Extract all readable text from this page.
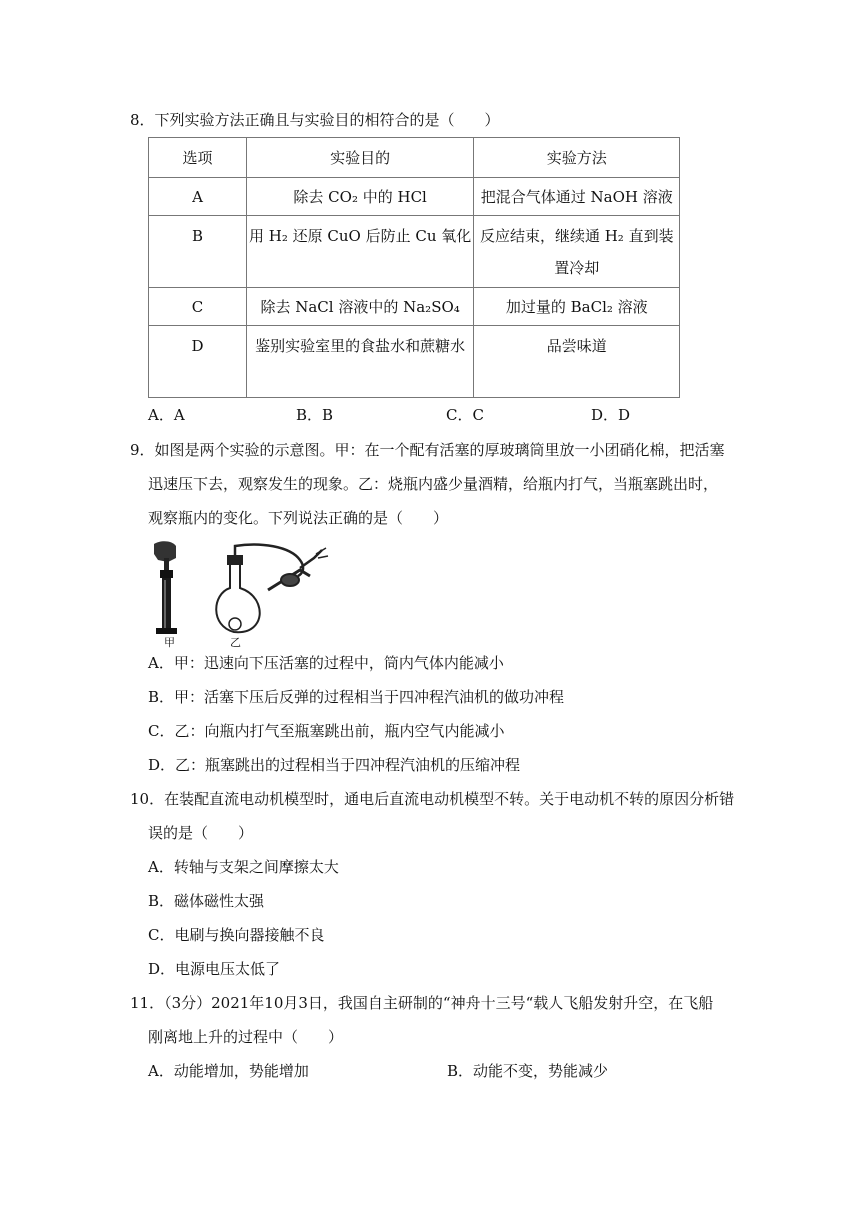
8．下列实验方法正确且与实验目的相符合的是（　　）
选项	实验目的	实验方法
A	除去 CO₂ 中的 HCl	把混合气体通过 NaOH 溶液
B	用 H₂ 还原 CuO 后防止 Cu 氧化	反应结束，继续通 H₂ 直到装置冷却
C	除去 NaCl 溶液中的 Na₂SO₄	加过量的 BaCl₂ 溶液
D	鉴别实验室里的食盐水和蔗糖水	品尝味道
A．A	B．B	C．C	D．D
9．如图是两个实验的示意图。甲：在一个配有活塞的厚玻璃筒里放一小团硝化棉，把活塞
迅速压下去，观察发生的现象。乙：烧瓶内盛少量酒精，给瓶内打气，当瓶塞跳出时，
观察瓶内的变化。下列说法正确的是（　　）
甲	乙
A．甲：迅速向下压活塞的过程中，筒内气体内能减小
B．甲：活塞下压后反弹的过程相当于四冲程汽油机的做功冲程
C．乙：向瓶内打气至瓶塞跳出前，瓶内空气内能减小
D．乙：瓶塞跳出的过程相当于四冲程汽油机的压缩冲程
10．在装配直流电动机模型时，通电后直流电动机模型不转。关于电动机不转的原因分析错
误的是（　　）
A．转轴与支架之间摩擦太大
B．磁体磁性太强
C．电刷与换向器接触不良
D．电源电压太低了
11．（3分）2021年10月3日，我国自主研制的“神舟十三号“载人飞船发射升空，在飞船
刚离地上升的过程中（　　）
A．动能增加，势能增加	B．动能不变，势能减少
